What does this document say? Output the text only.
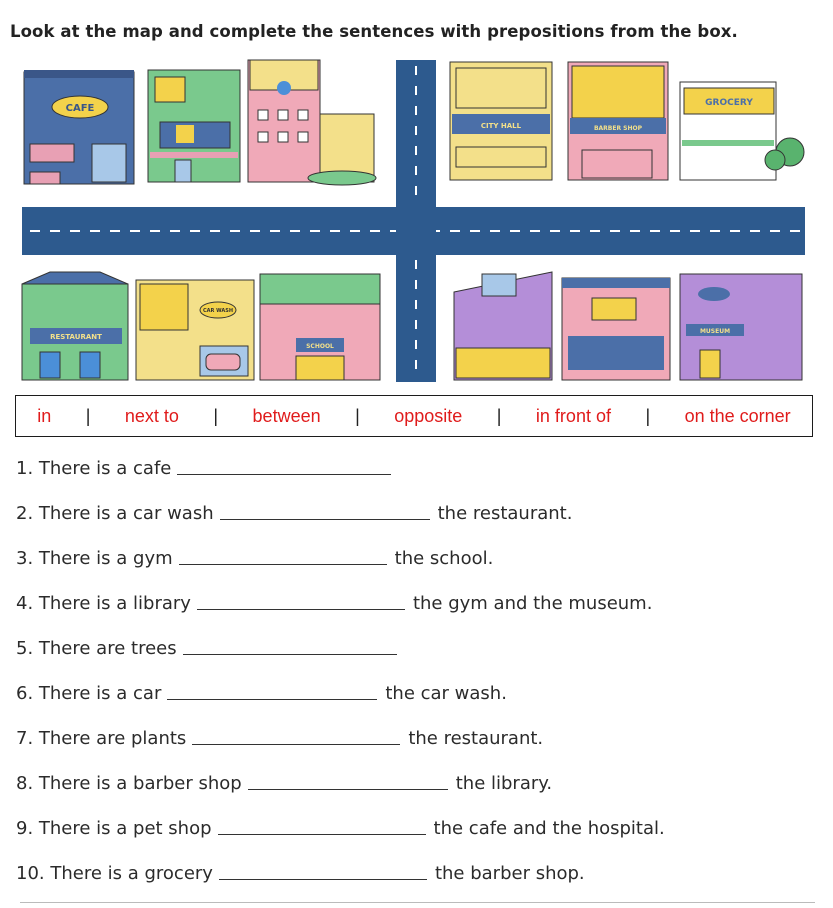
Look at the map and complete the sentences with prepositions from the box.
CAFE
CITY HALL	BARBER SHOP
GROCERY
RESTAURANT
CAR WASH
SCHOOL
MUSEUM
in | next to | between | opposite | in front of | on the corner
1. There is a cafe
2. There is a car wash	the restaurant.
3. There is a gym	the school.
4. There is a library	the gym and the museum.
5. There are trees
6. There is a car	the car wash.
7. There are plants	the restaurant.
8. There is a barber shop	the library.
9. There is a pet shop	the cafe and the hospital.
10. There is a grocery	the barber shop.
